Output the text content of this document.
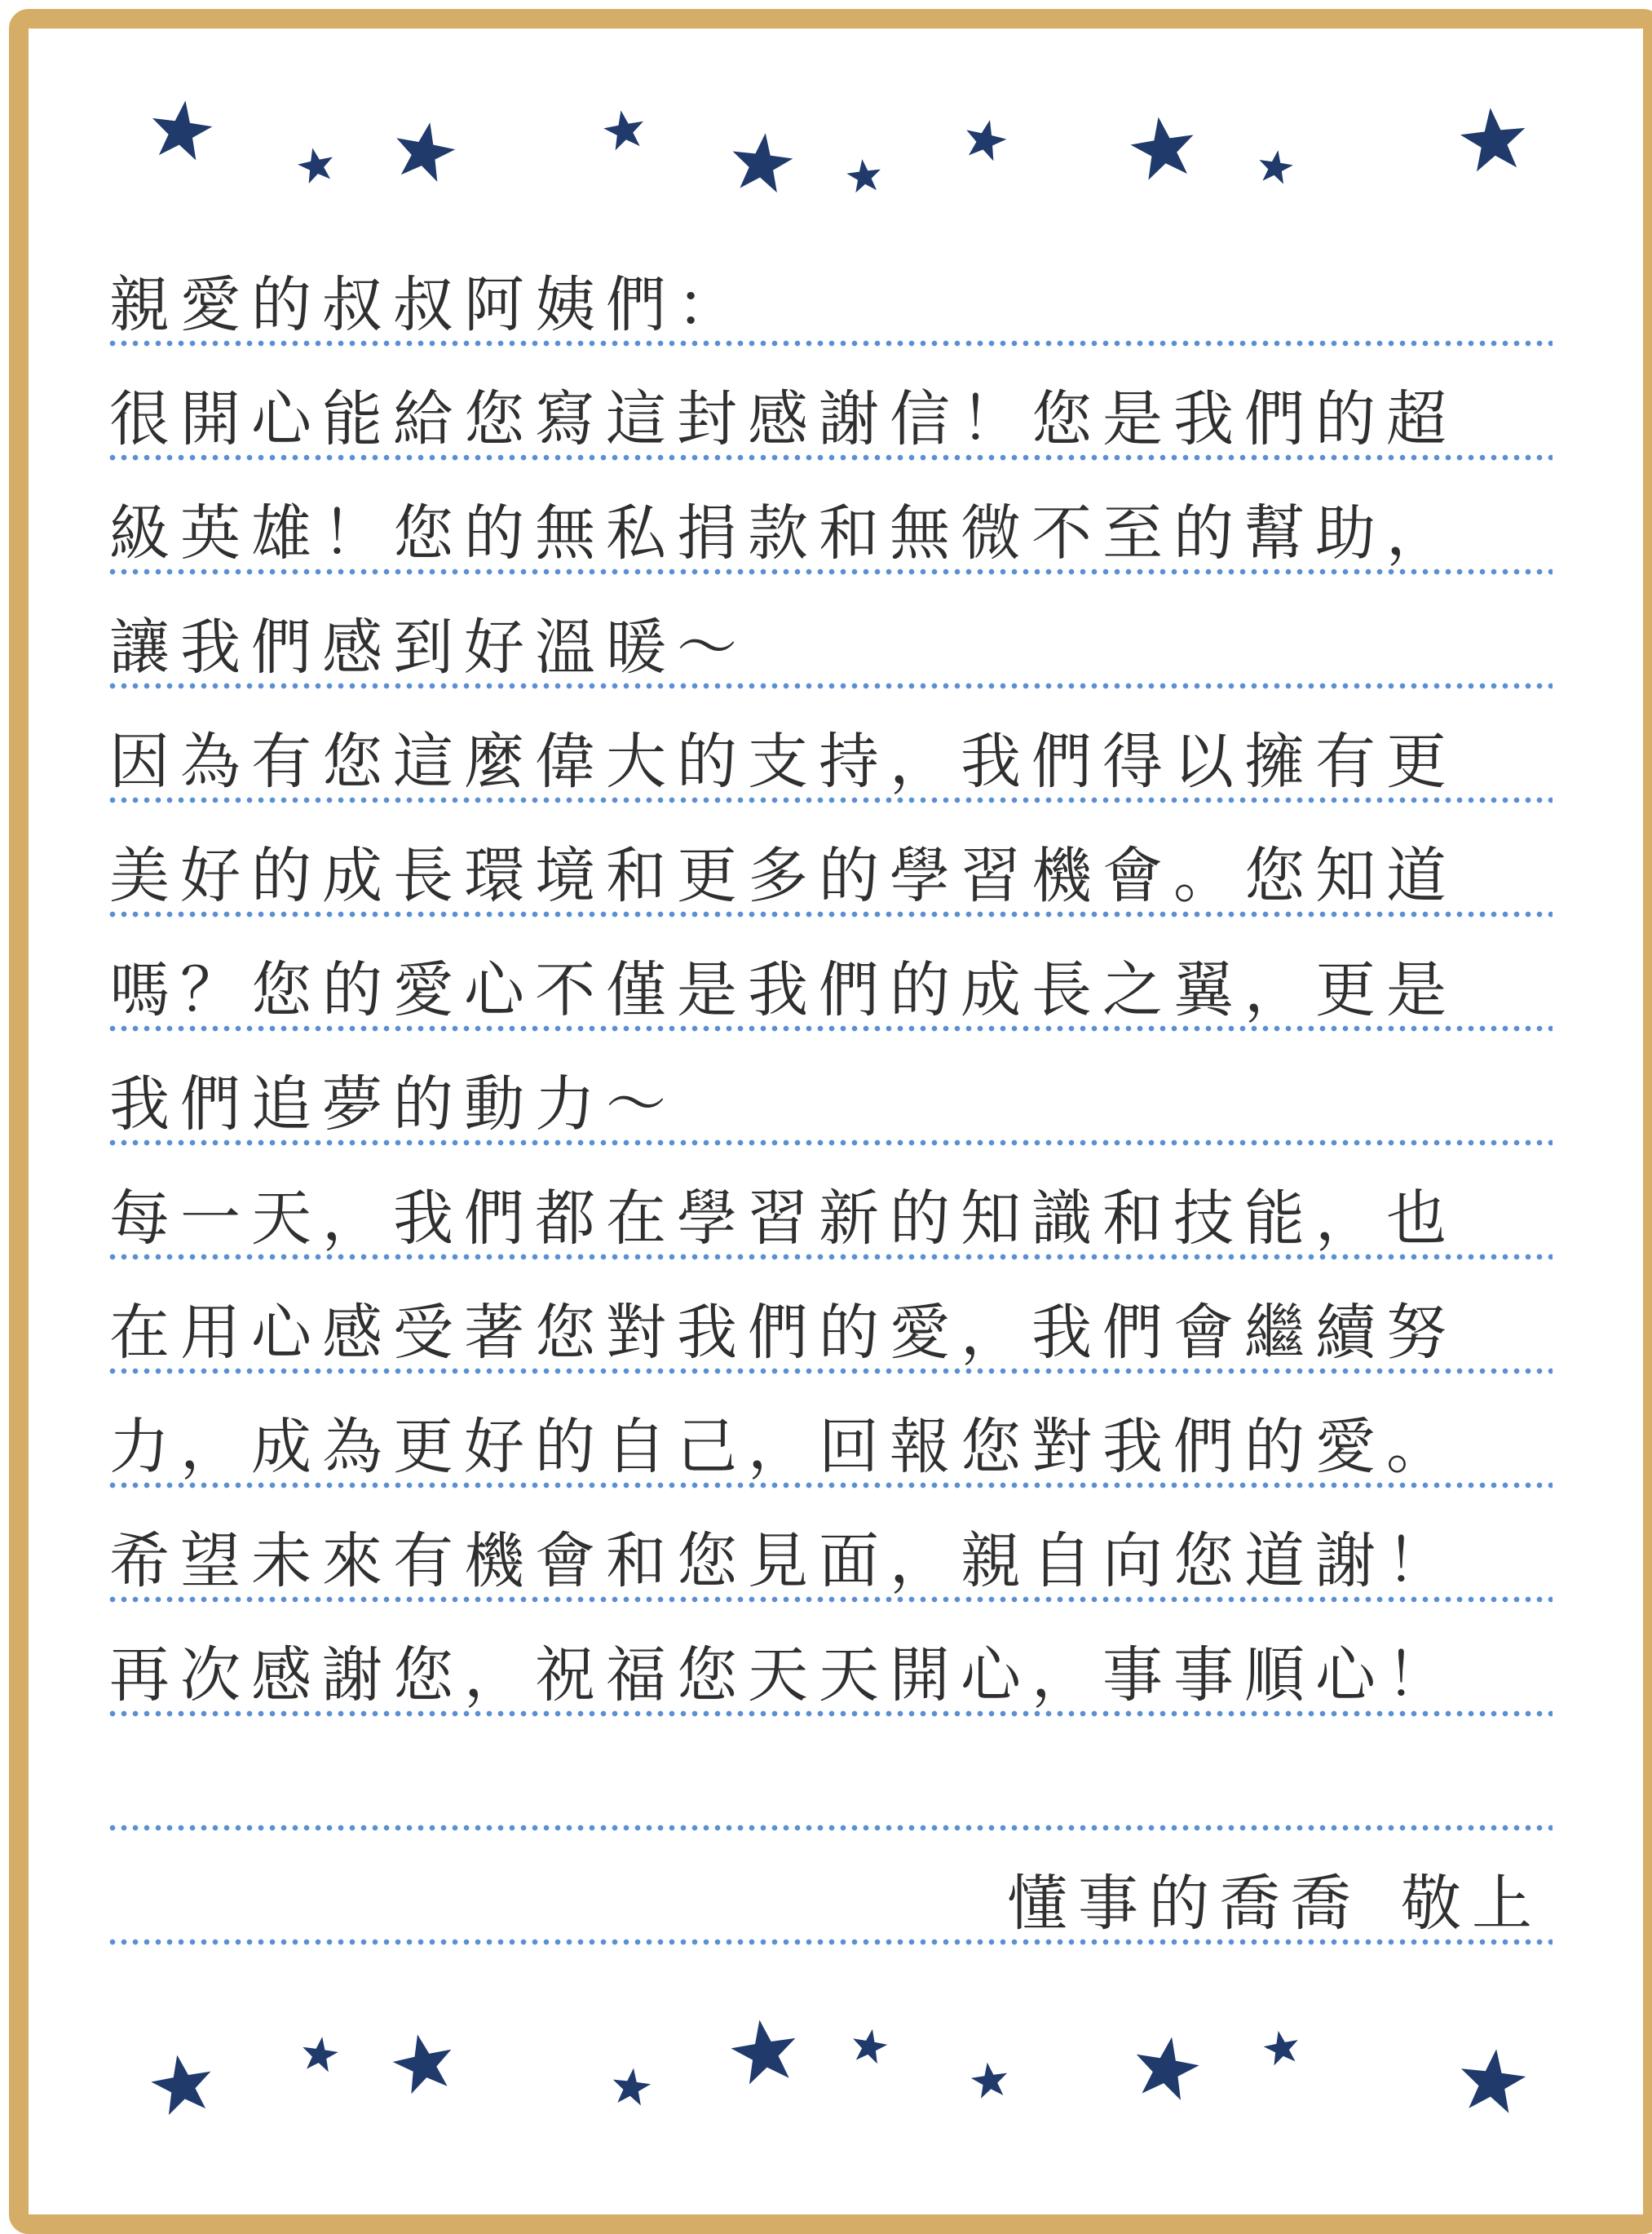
親愛的叔叔阿姨們：
很開心能給您寫這封感謝信！您是我們的超
級英雄！您的無私捐款和無微不至的幫助，
讓我們感到好溫暖～
因為有您這麼偉大的支持，我們得以擁有更
美好的成長環境和更多的學習機會。您知道
嗎？您的愛心不僅是我們的成長之翼，更是
我們追夢的動力～
每一天，我們都在學習新的知識和技能，也
在用心感受著您對我們的愛，我們會繼續努
力，成為更好的自己，回報您對我們的愛。
希望未來有機會和您見面，親自向您道謝！
再次感謝您，祝福您天天開心，事事順心！
懂事的喬喬 敬上
